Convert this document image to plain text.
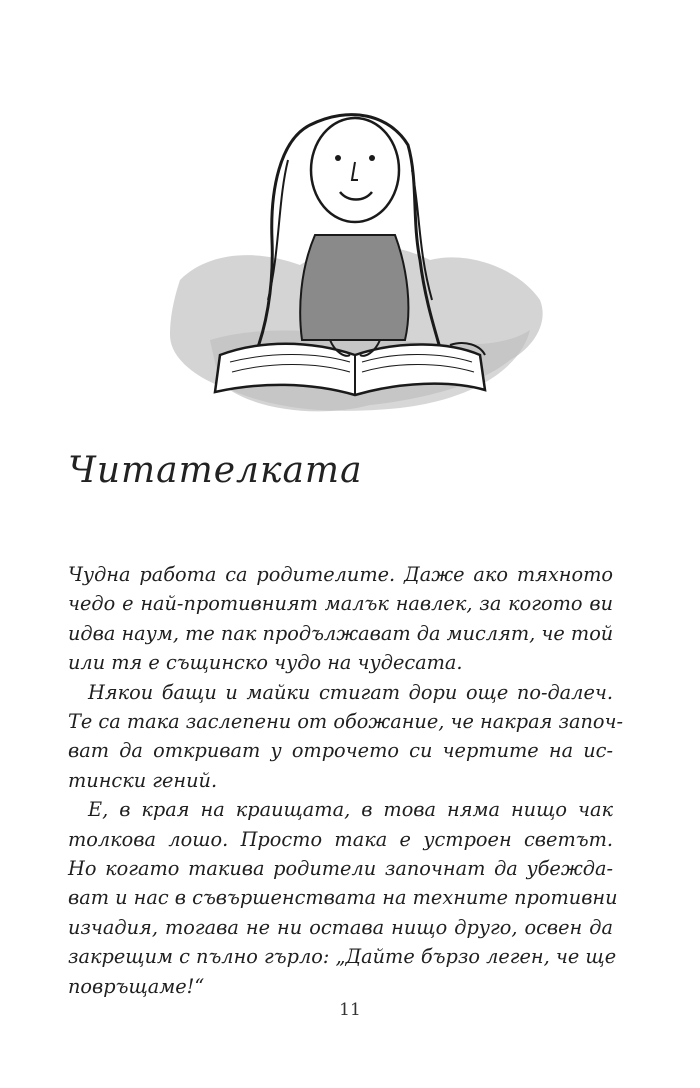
Читателката
Чудна работа са родителите. Даже ако тяхното
чедо е най-противният малък навлек, за когото ви
идва наум, те пак продължават да мислят, че той
или тя е същинско чудо на чудесата.
Някои бащи и майки стигат дори още по-далеч.
Те са така заслепени от обожание, че накрая започ-
ват да откриват у отрочето си чертите на ис-
тински гений.
Е, в края на краищата, в това няма нищо чак
толкова лошо. Просто така е устроен светът.
Но когато такива родители започнат да убежда-
ват и нас в съвършенствата на техните противни
изчадия, тогава не ни остава нищо друго, освен да
закрещим с пълно гърло: „Дайте бързо леген, че ще
повръщаме!“
11
